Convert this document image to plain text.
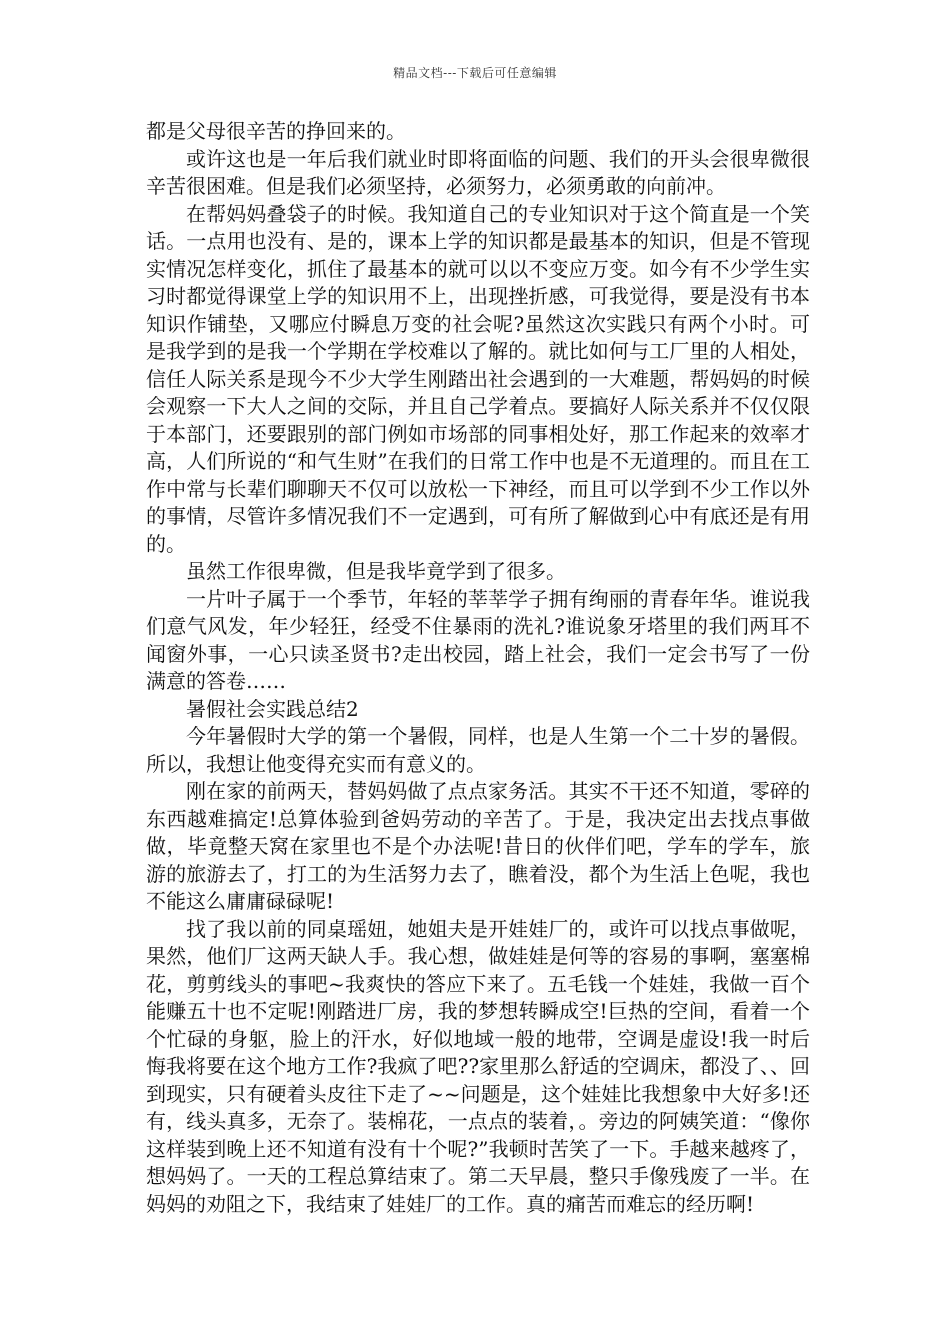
精品文档---下载后可任意编辑

都是父母很辛苦的挣回来的。

或许这也是一年后我们就业时即将面临的问题、我们的开头会很卑微很辛苦很困难。但是我们必须坚持，必须努力，必须勇敢的向前冲。

在帮妈妈叠袋子的时候。我知道自己的专业知识对于这个简直是一个笑话。一点用也没有、是的，课本上学的知识都是最基本的知识，但是不管现实情况怎样变化，抓住了最基本的就可以以不变应万变。如今有不少学生实习时都觉得课堂上学的知识用不上，出现挫折感，可我觉得，要是没有书本知识作铺垫，又哪应付瞬息万变的社会呢?虽然这次实践只有两个小时。可是我学到的是我一个学期在学校难以了解的。就比如何与工厂里的人相处，信任人际关系是现今不少大学生刚踏出社会遇到的一大难题，帮妈妈的时候会观察一下大人之间的交际，并且自己学着点。要搞好人际关系并不仅仅限于本部门，还要跟别的部门例如市场部的同事相处好，那工作起来的效率才高，人们所说的“和气生财”在我们的日常工作中也是不无道理的。而且在工作中常与长辈们聊聊天不仅可以放松一下神经，而且可以学到不少工作以外的事情，尽管许多情况我们不一定遇到，可有所了解做到心中有底还是有用的。

虽然工作很卑微，但是我毕竟学到了很多。

一片叶子属于一个季节，年轻的莘莘学子拥有绚丽的青春年华。谁说我们意气风发，年少轻狂，经受不住暴雨的洗礼?谁说象牙塔里的我们两耳不闻窗外事，一心只读圣贤书?走出校园，踏上社会，我们一定会书写了一份满意的答卷……

暑假社会实践总结2

今年暑假时大学的第一个暑假，同样，也是人生第一个二十岁的暑假。所以，我想让他变得充实而有意义的。

刚在家的前两天，替妈妈做了点点家务活。其实不干还不知道，零碎的东西越难搞定!总算体验到爸妈劳动的辛苦了。于是，我决定出去找点事做做，毕竟整天窝在家里也不是个办法呢!昔日的伙伴们吧，学车的学车，旅游的旅游去了，打工的为生活努力去了，瞧着没，都个为生活上色呢，我也不能这么庸庸碌碌呢!

找了我以前的同桌瑶妞，她姐夫是开娃娃厂的，或许可以找点事做呢，果然，他们厂这两天缺人手。我心想，做娃娃是何等的容易的事啊，塞塞棉花，剪剪线头的事吧~我爽快的答应下来了。五毛钱一个娃娃，我做一百个能赚五十也不定呢!刚踏进厂房，我的梦想转瞬成空!巨热的空间，看着一个个忙碌的身躯，脸上的汗水，好似地域一般的地带，空调是虚设!我一时后悔我将要在这个地方工作?我疯了吧??家里那么舒适的空调床，都没了、、回到现实，只有硬着头皮往下走了~~问题是，这个娃娃比我想象中大好多!还有，线头真多，无奈了。装棉花，一点点的装着，。旁边的阿姨笑道：“像你这样装到晚上还不知道有没有十个呢?”我顿时苦笑了一下。手越来越疼了，想妈妈了。一天的工程总算结束了。第二天早晨，整只手像残废了一半。在妈妈的劝阻之下，我结束了娃娃厂的工作。真的痛苦而难忘的经历啊!
